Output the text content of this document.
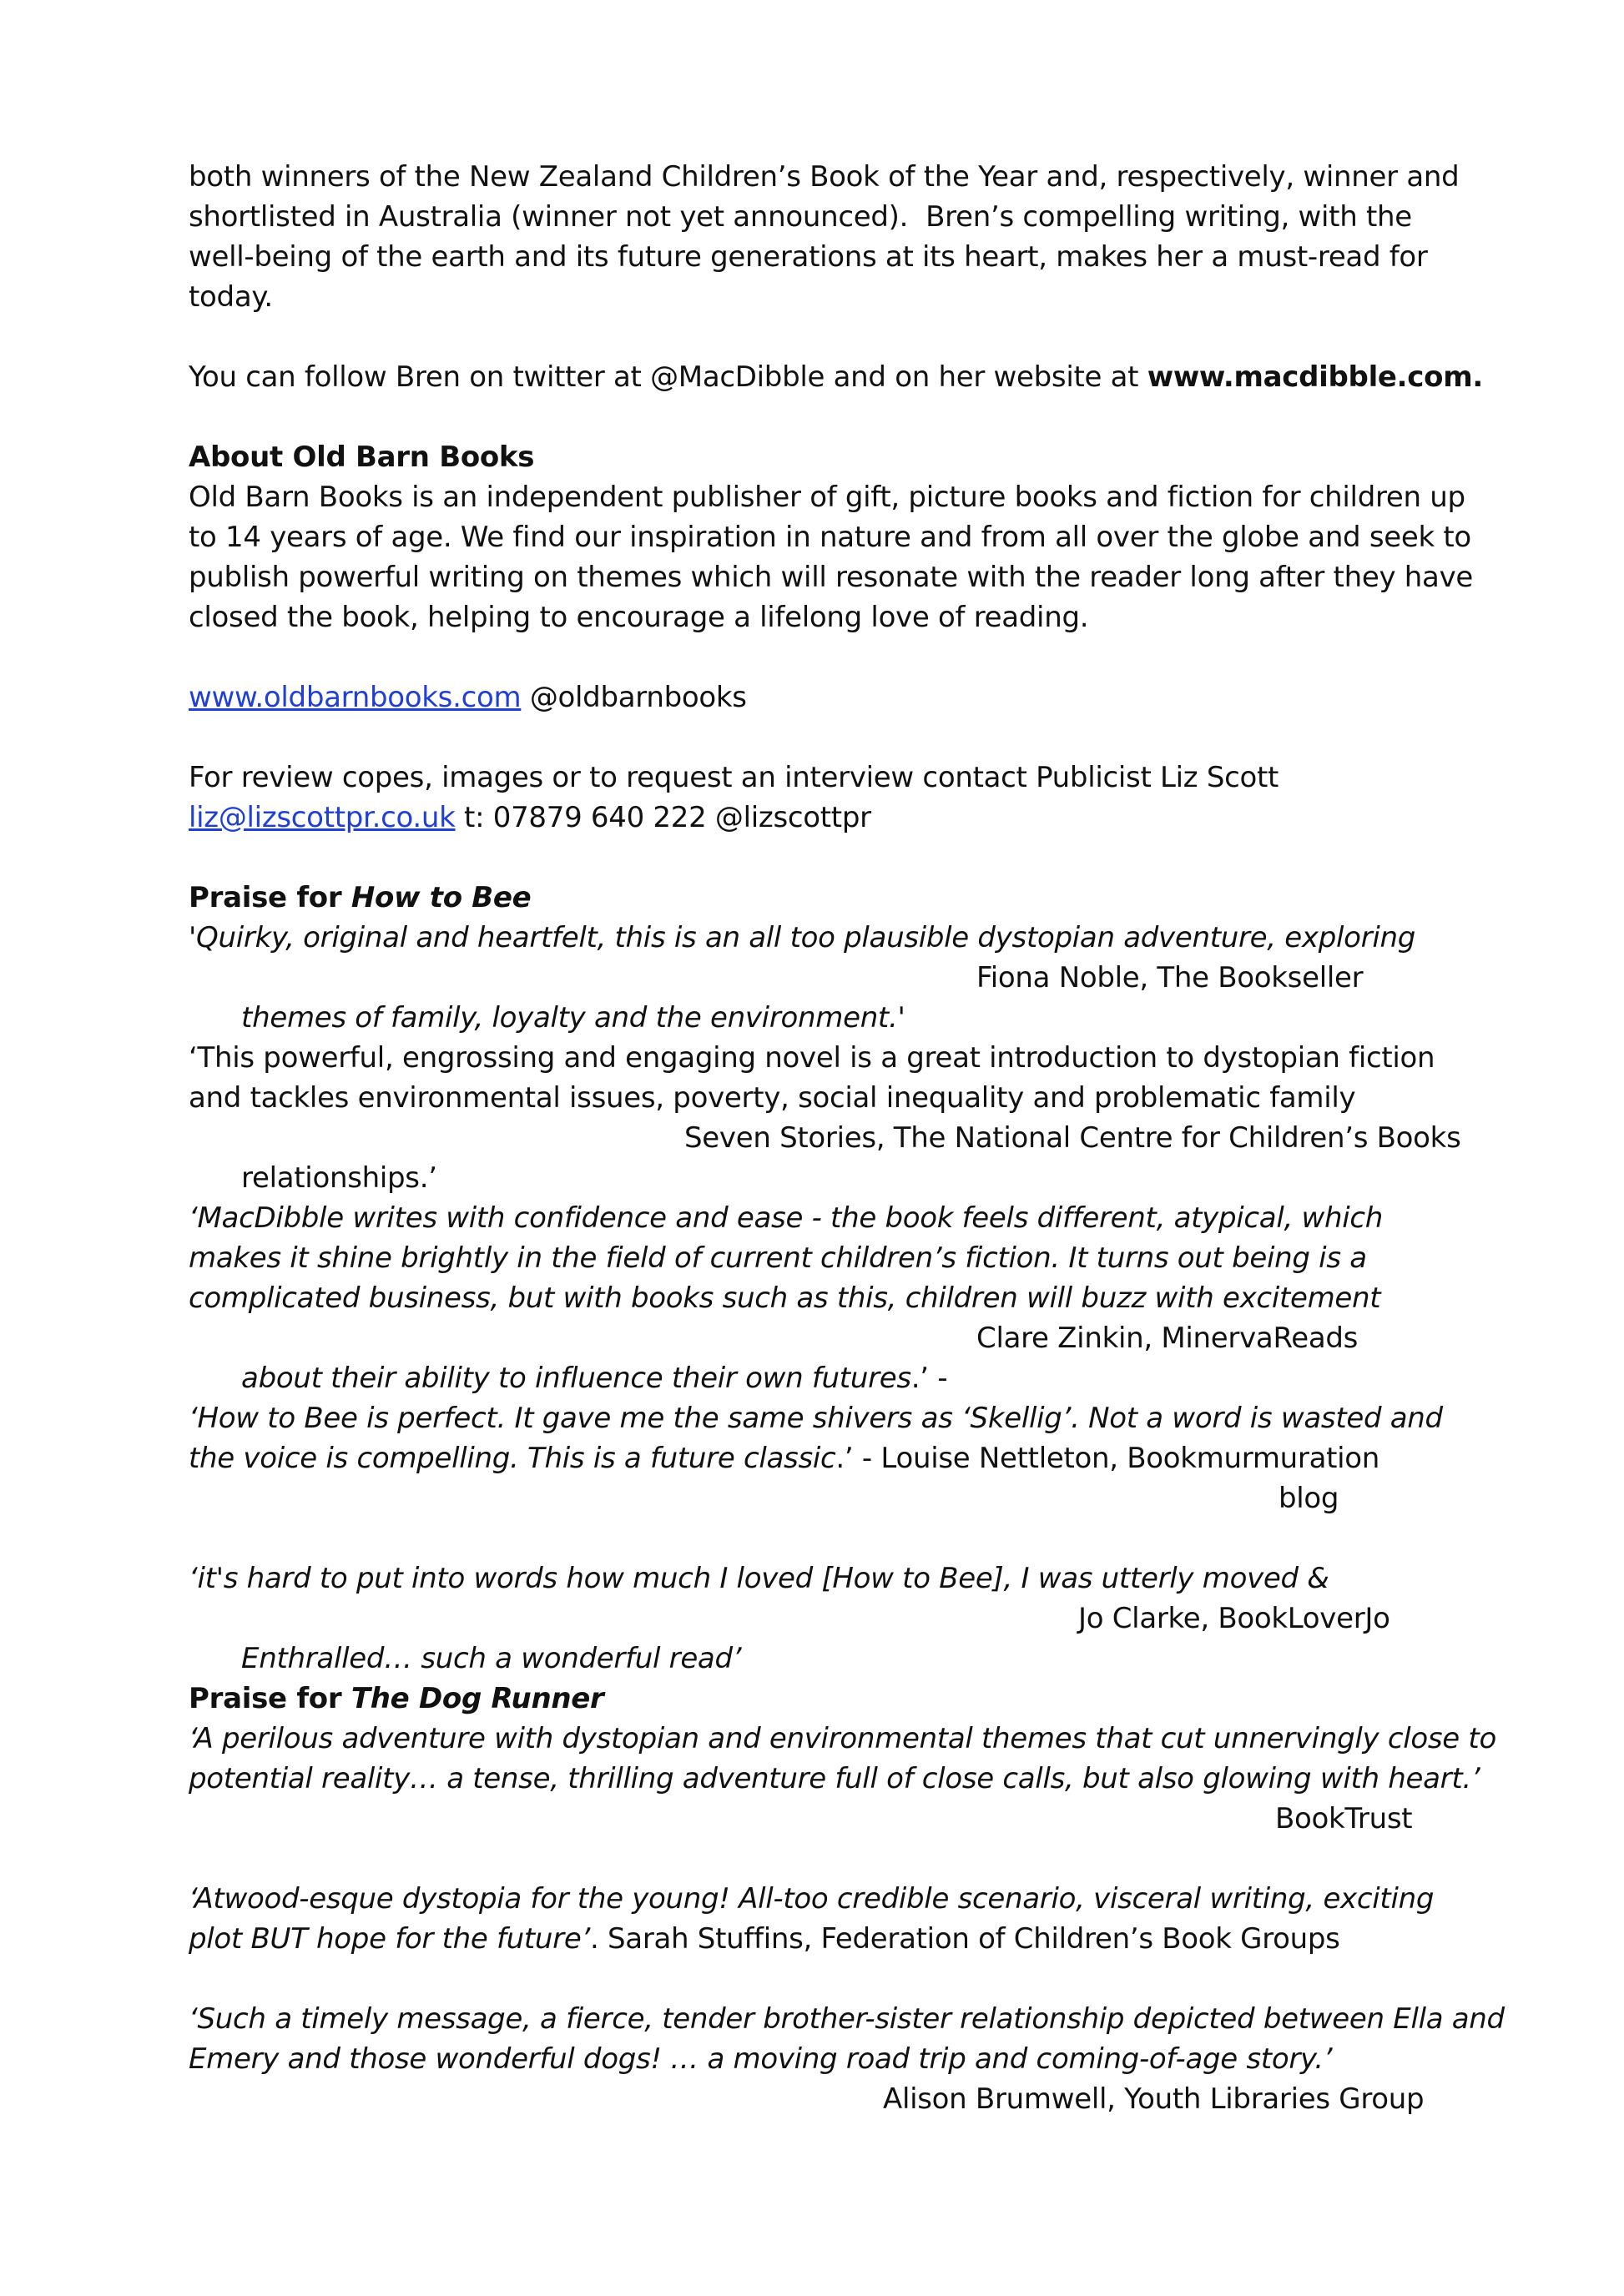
both winners of the New Zealand Children’s Book of the Year and, respectively, winner and
shortlisted in Australia (winner not yet announced).  Bren’s compelling writing, with the
well-being of the earth and its future generations at its heart, makes her a must-read for
today.
You can follow Bren on twitter at @MacDibble and on her website at www.macdibble.com.
About Old Barn Books
Old Barn Books is an independent publisher of gift, picture books and fiction for children up
to 14 years of age. We find our inspiration in nature and from all over the globe and seek to
publish powerful writing on themes which will resonate with the reader long after they have
closed the book, helping to encourage a lifelong love of reading.
www.oldbarnbooks.com @oldbarnbooks
For review copes, images or to request an interview contact Publicist Liz Scott
liz@lizscottpr.co.uk t: 07879 640 222 @lizscottpr
Praise for How to Bee
'Quirky, original and heartfelt, this is an all too plausible dystopian adventure, exploring

themes of family, loyalty and the environment.'

Fiona Noble, The Bookseller

‘This powerful, engrossing and engaging novel is a great introduction to dystopian fiction
and tackles environmental issues, poverty, social inequality and problematic family

relationships.’

Seven Stories, The National Centre for Children’s Books

‘MacDibble writes with confidence and ease - the book feels different, atypical, which
makes it shine brightly in the field of current children’s fiction. It turns out being is a
complicated business, but with books such as this, children will buzz with excitement

about their ability to influence their own futures.’ -

Clare Zinkin, MinervaReads

‘How to Bee is perfect. It gave me the same shivers as ‘Skellig’. Not a word is wasted and
the voice is compelling. This is a future classic.’ - Louise Nettleton, Bookmurmuration

blog

‘it's hard to put into words how much I loved [How to Bee], I was utterly moved &

Enthralled… such a wonderful read’

Jo Clarke, BookLoverJo

Praise for The Dog Runner
‘A perilous adventure with dystopian and environmental themes that cut unnervingly close to
potential reality… a tense, thrilling adventure full of close calls, but also glowing with heart.’

BookTrust

‘Atwood-esque dystopia for the young! All-too credible scenario, visceral writing, exciting
plot BUT hope for the future’. Sarah Stuffins, Federation of Children’s Book Groups
‘Such a timely message, a fierce, tender brother-sister relationship depicted between Ella and
Emery and those wonderful dogs! … a moving road trip and coming-of-age story.’

Alison Brumwell, Youth Libraries Group
